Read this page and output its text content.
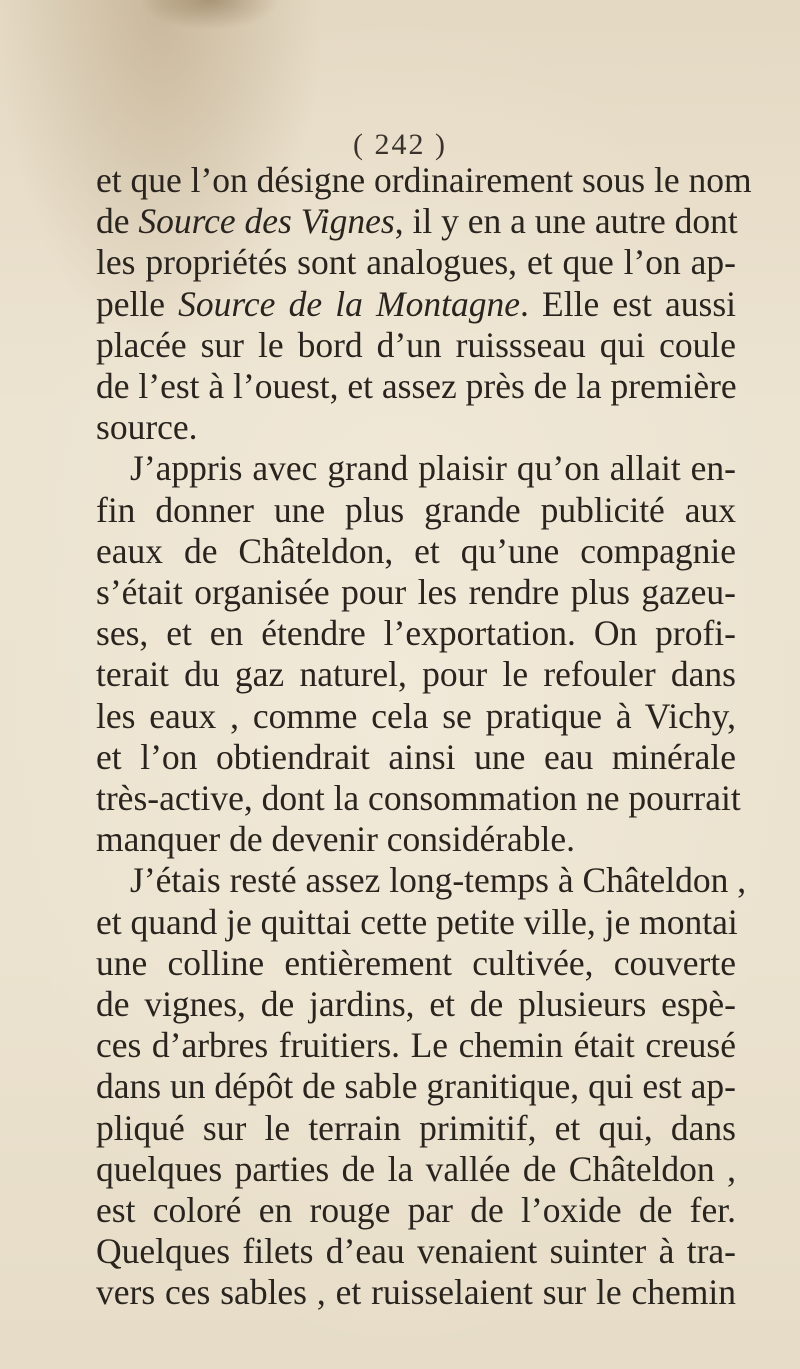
( 242 )
et que l’on désigne ordinairement sous le nom
de Source des Vignes, il y en a une autre dont
les propriétés sont analogues, et que l’on ap-
pelle Source de la Montagne. Elle est aussi
placée sur le bord d’un ruissseau qui coule
de l’est à l’ouest, et assez près de la première
source.
J’appris avec grand plaisir qu’on allait en-
fin donner une plus grande publicité aux
eaux de Châteldon, et qu’une compagnie
s’était organisée pour les rendre plus gazeu-
ses, et en étendre l’exportation. On profi-
terait du gaz naturel, pour le refouler dans
les eaux , comme cela se pratique à Vichy,
et l’on obtiendrait ainsi une eau minérale
très-active, dont la consommation ne pourrait
manquer de devenir considérable.
J’étais resté assez long-temps à Châteldon ,
et quand je quittai cette petite ville, je montai
une colline entièrement cultivée, couverte
de vignes, de jardins, et de plusieurs espè-
ces d’arbres fruitiers. Le chemin était creusé
dans un dépôt de sable granitique, qui est ap-
pliqué sur le terrain primitif, et qui, dans
quelques parties de la vallée de Châteldon ,
est coloré en rouge par de l’oxide de fer.
Quelques filets d’eau venaient suinter à tra-
vers ces sables , et ruisselaient sur le chemin
